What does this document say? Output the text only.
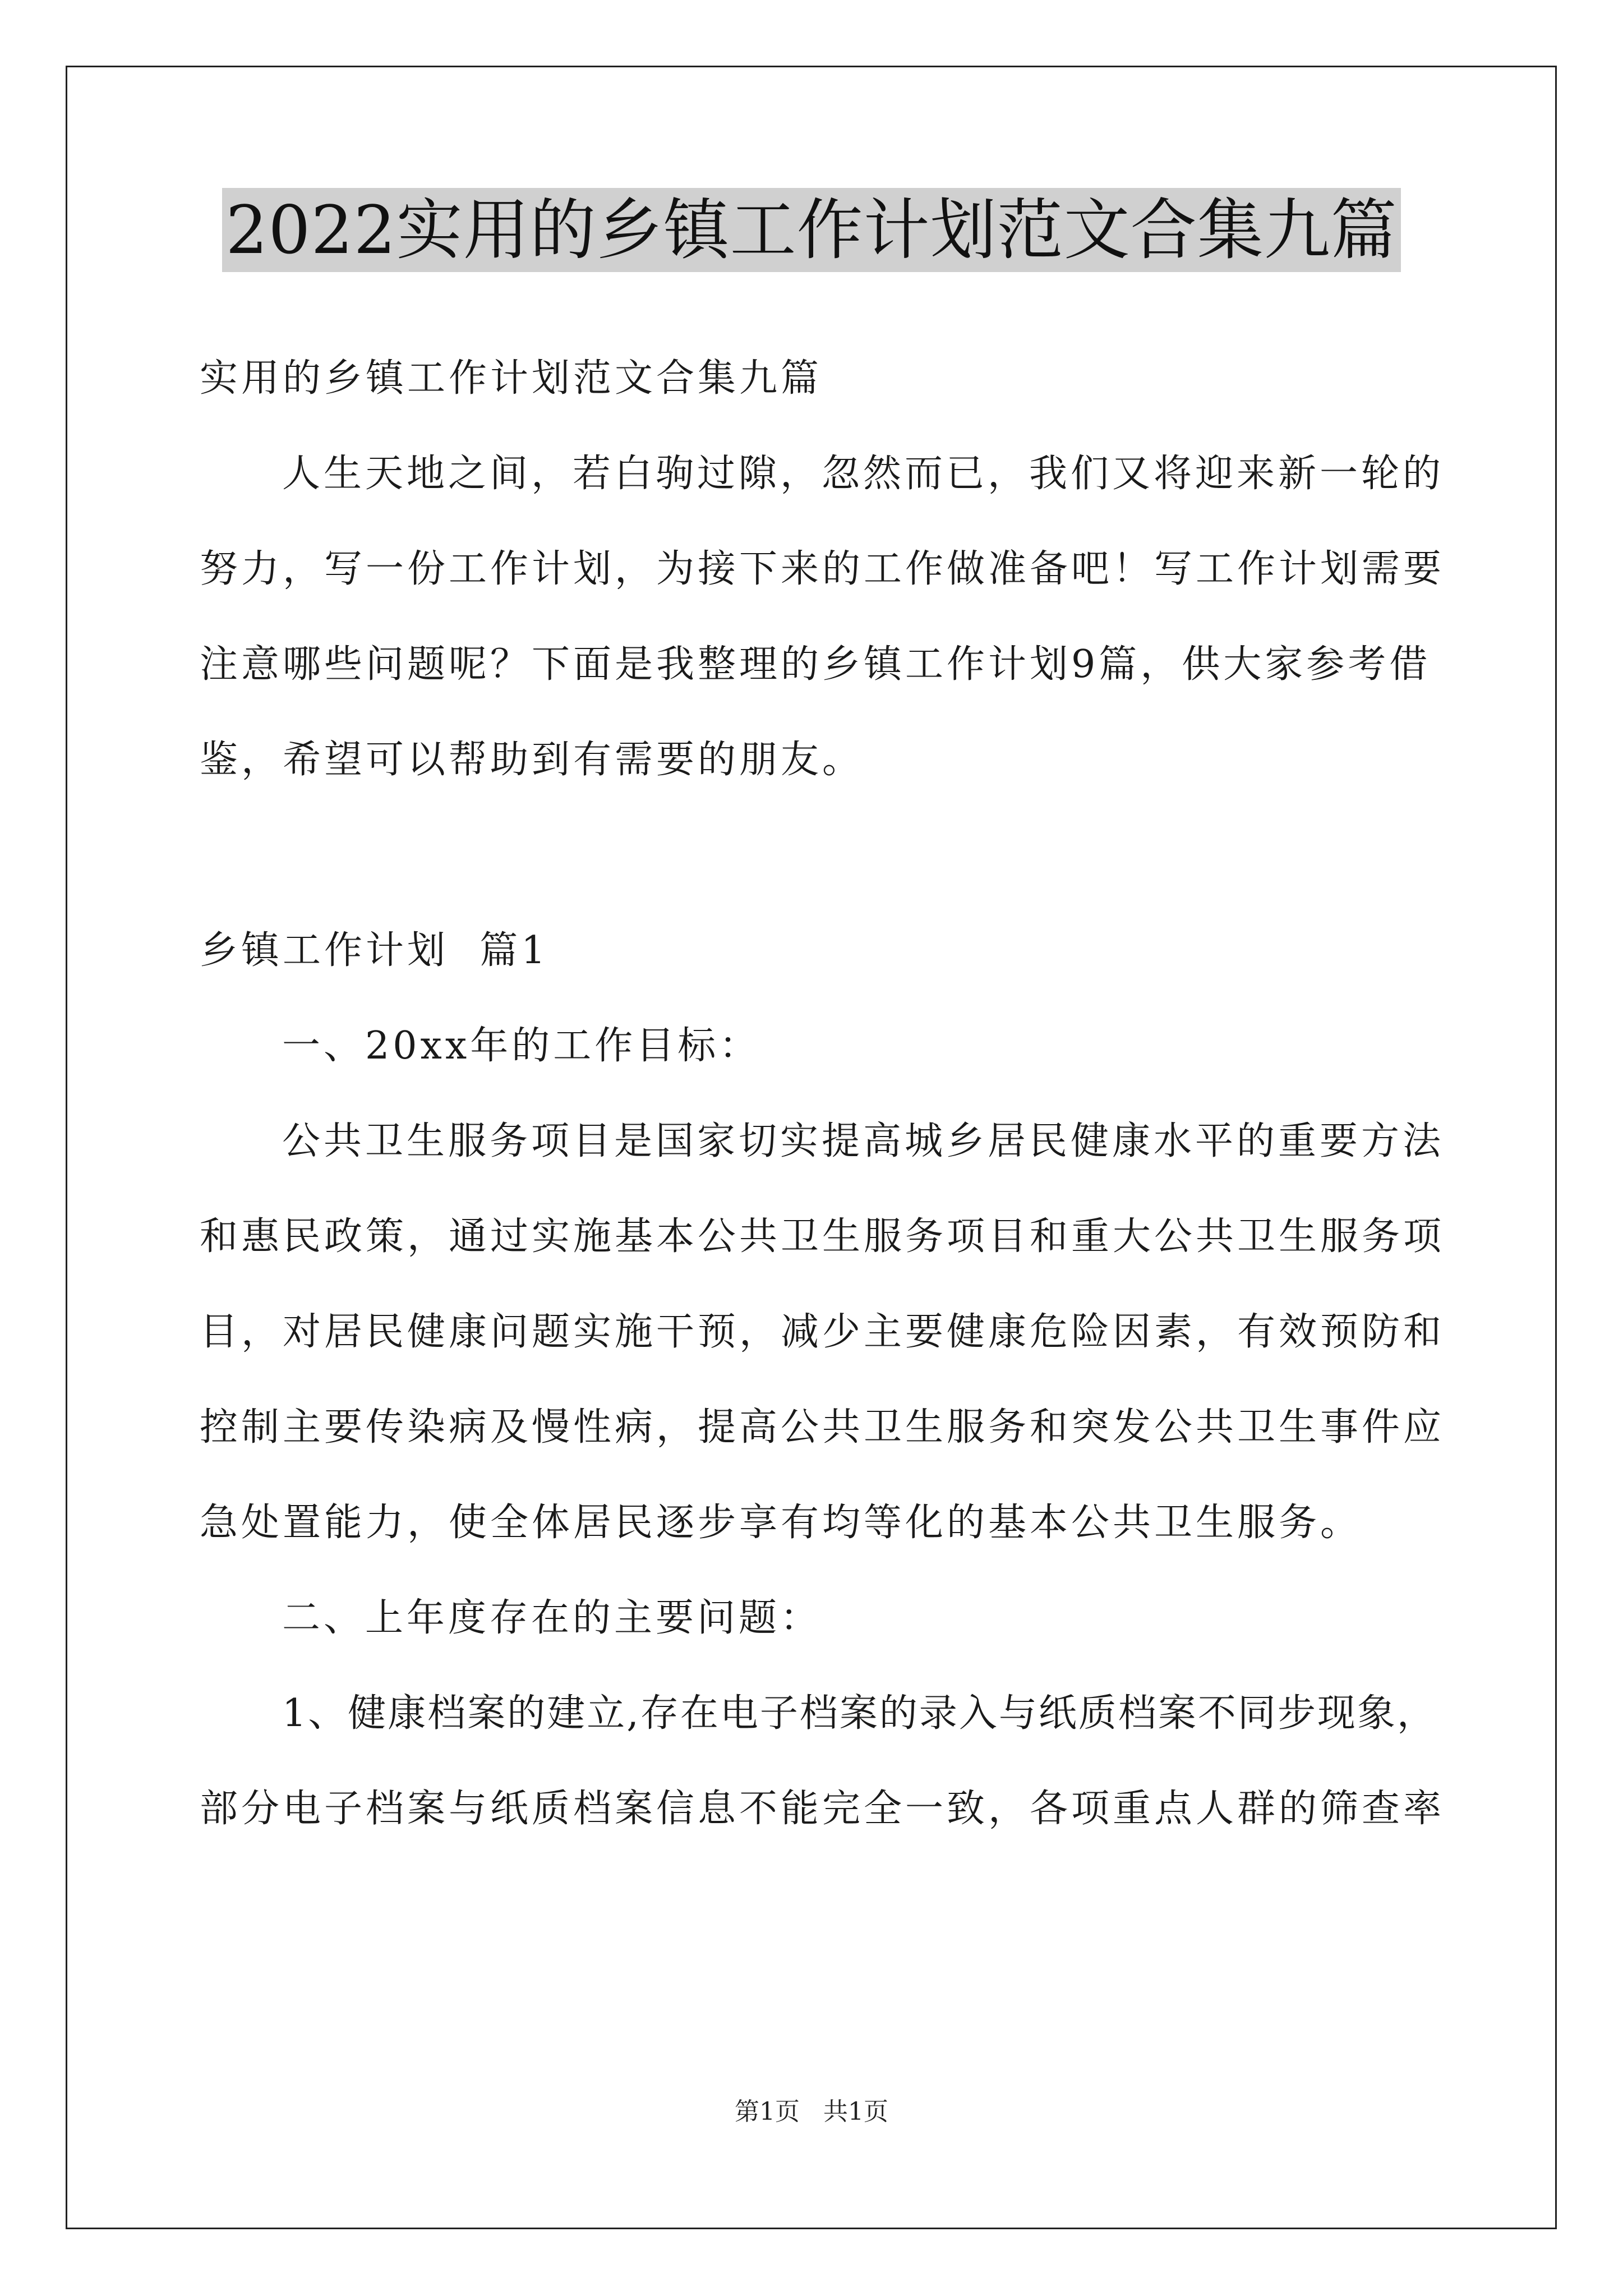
2022实用的乡镇工作计划范文合集九篇
实用的乡镇工作计划范文合集九篇
人生天地之间，若白驹过隙，忽然而已，我们又将迎来新一轮的
努力，写一份工作计划，为接下来的工作做准备吧！写工作计划需要
注意哪些问题呢？下面是我整理的乡镇工作计划9篇，供大家参考借
鉴，希望可以帮助到有需要的朋友。
乡镇工作计划  篇1
一、20xx年的工作目标：
公共卫生服务项目是国家切实提高城乡居民健康水平的重要方法
和惠民政策，通过实施基本公共卫生服务项目和重大公共卫生服务项
目，对居民健康问题实施干预，减少主要健康危险因素，有效预防和
控制主要传染病及慢性病，提高公共卫生服务和突发公共卫生事件应
急处置能力，使全体居民逐步享有均等化的基本公共卫生服务。
二、上年度存在的主要问题：
1、健康档案的建立,存在电子档案的录入与纸质档案不同步现象，
部分电子档案与纸质档案信息不能完全一致，各项重点人群的筛查率
第1页 共1页
